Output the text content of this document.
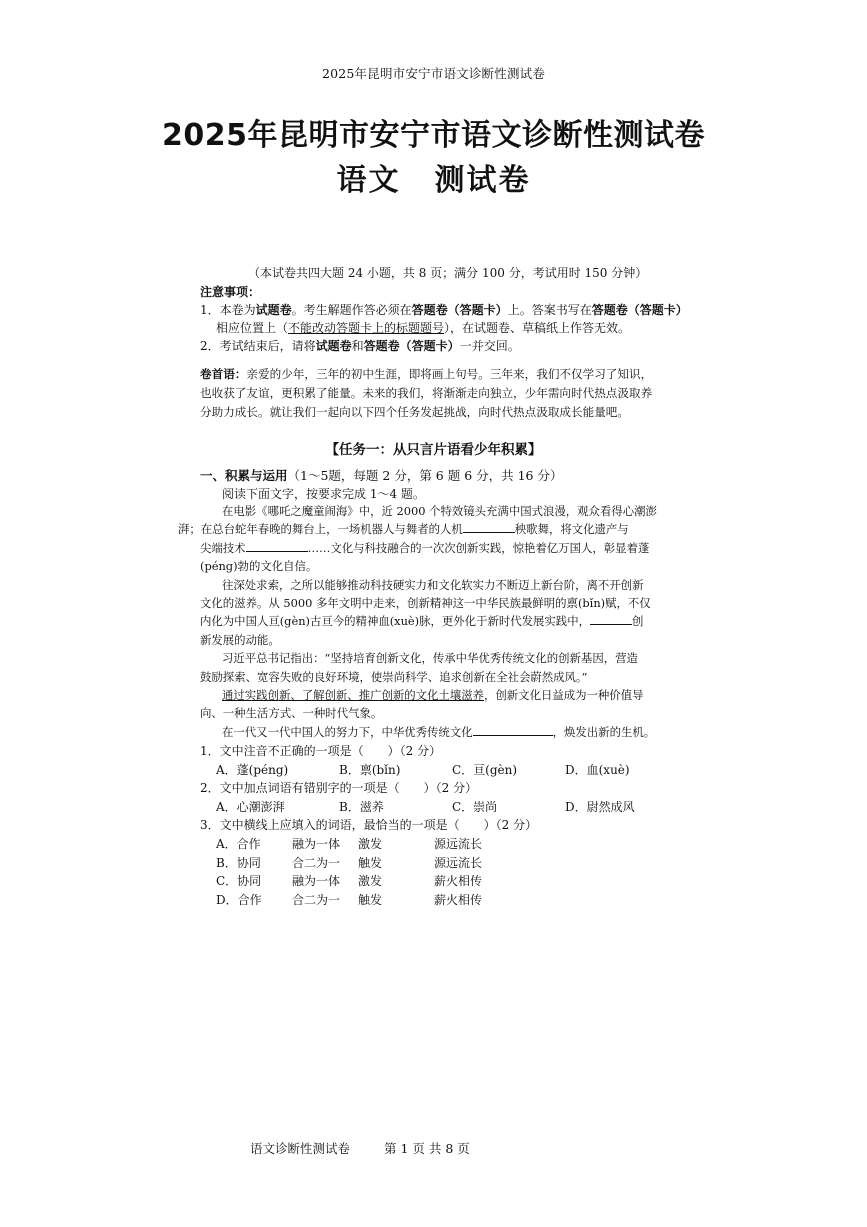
2025年昆明市安宁市语文诊断性测试卷
2025年昆明市安宁市语文诊断性测试卷
语文 测试卷
（本试卷共四大题 24 小题，共 8 页；满分 100 分，考试用时 150 分钟）
注意事项：
1．本卷为试题卷。考生解题作答必须在答题卷（答题卡）上。答案书写在答题卷（答题卡）
相应位置上（不能改动答题卡上的标题题号），在试题卷、草稿纸上作答无效。
2．考试结束后，请将试题卷和答题卷（答题卡）一并交回。
卷首语：亲爱的少年，三年的初中生涯，即将画上句号。三年来，我们不仅学习了知识，
也收获了友谊，更积累了能量。未来的我们，将渐渐走向独立，少年需向时代热点汲取养
分助力成长。就让我们一起向以下四个任务发起挑战，向时代热点汲取成长能量吧。
【任务一：从只言片语看少年积累】
一、积累与运用（1～5题，每题 2 分，第 6 题 6 分，共 16 分）
阅读下面文字，按要求完成 1～4 题。

在电影《哪吒之魔童闹海》中，近 2000 个特效镜头充满中国式浪漫，观众看得心潮澎
湃；在总台蛇年春晚的舞台上，一场机器人与舞者的人机	秧歌舞，将文化遗产与
尖端技术	……文化与科技融合的一次次创新实践，惊艳着亿万国人，彰显着蓬
(péng)勃的文化自信。

往深处求索，之所以能够推动科技硬实力和文化软实力不断迈上新台阶，离不开创新
文化的滋养。从 5000 多年文明中走来，创新精神这一中华民族最鲜明的禀(bǐn)赋，不仅
内化为中国人亘(gèn)古亘今的精神血(xuè)脉，更外化于新时代发展实践中，	创
新发展的动能。

习近平总书记指出：“坚持培育创新文化，传承中华优秀传统文化的创新基因，营造
鼓励探索、宽容失败的良好环境，使崇尚科学、追求创新在全社会蔚然成风。”

通过实践创新、了解创新、推广创新的文化土壤滋养，创新文化日益成为一种价值导
向、一种生活方式、一种时代气象。

在一代又一代中国人的努力下，中华优秀传统文化	，焕发出新的生机。

1．文中注音不正确的一项是（　　）（2 分）
A．蓬(péng)	B．禀(bǐn)	C．亘(gèn)	D．血(xuè)
2．文中加点词语有错别字的一项是（　　）（2 分）
A．心潮澎湃	B．滋养	C．崇尚	D．尉然成风
3．文中横线上应填入的词语，最恰当的一项是（　　）（2 分）
A．合作	融为一体	激发	源远流长
B．协同	合二为一	触发	源远流长
C．协同	融为一体	激发	薪火相传
D．合作	合二为一	触发	薪火相传
语文诊断性测试卷	第 1 页 共 8 页
